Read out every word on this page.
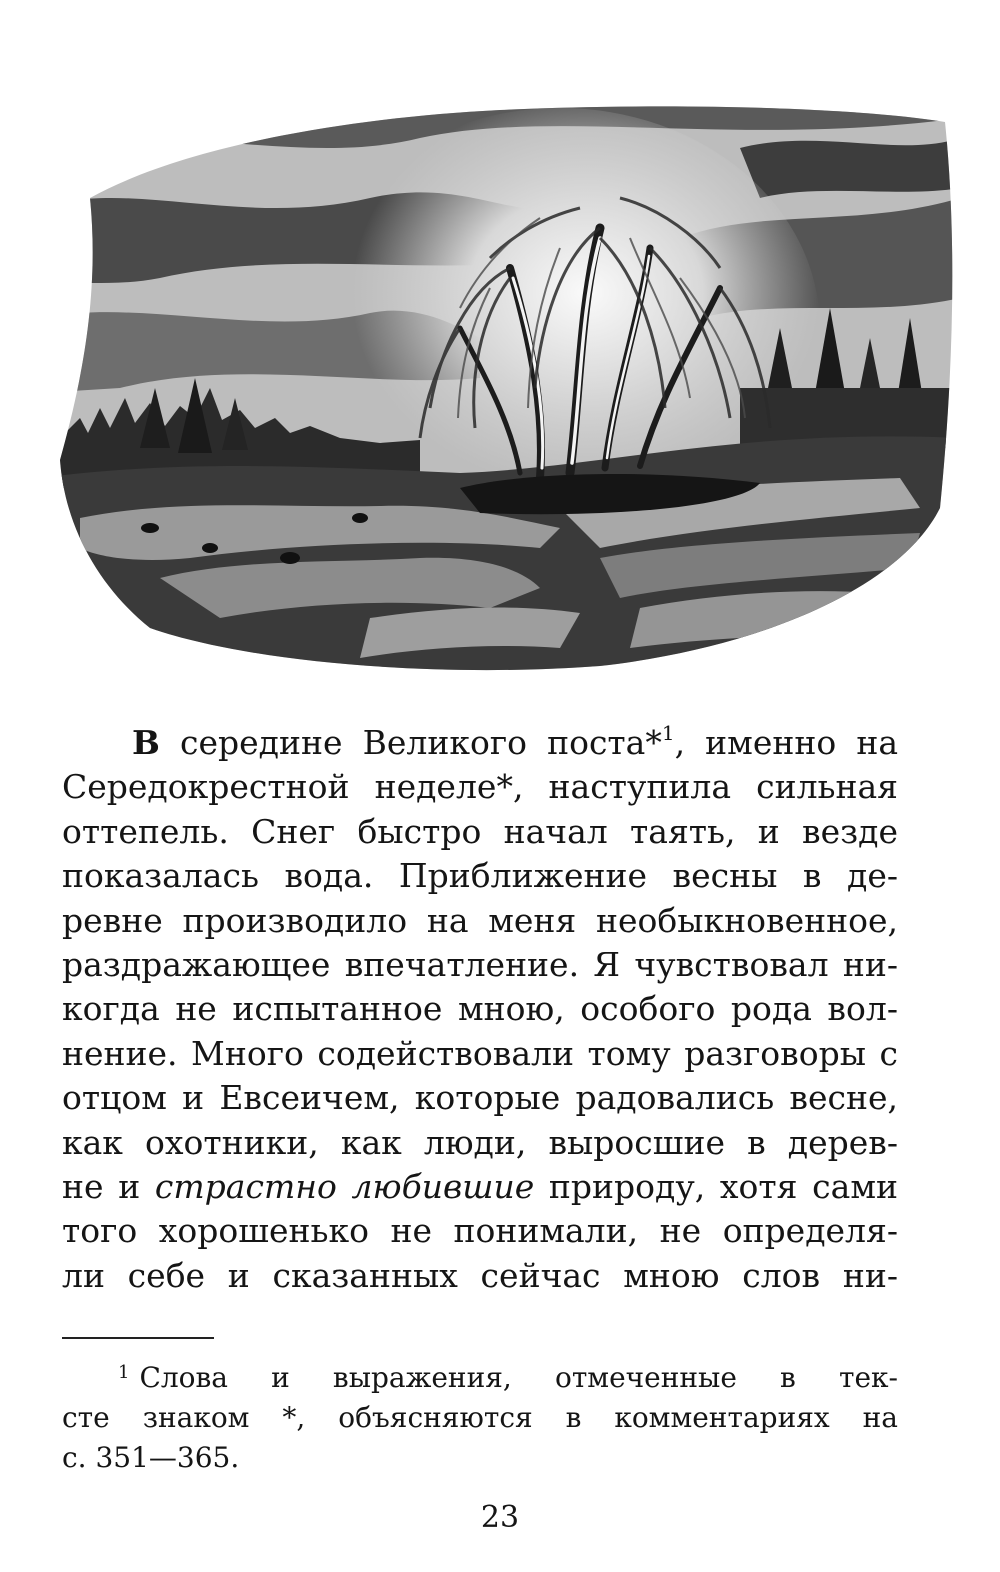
В середине Великого поста*$^1$, именно на
Середокрестной неделе*, наступила сильная
оттепель. Снег быстро начал таять, и везде
показалась вода. Приближение весны в де-
ревне производило на меня необыкновенное,
раздражающее впечатление. Я чувствовал ни-
когда не испытанное мною, особого рода вол-
нение. Много содействовали тому разговоры с
отцом и Евсеичем, которые радовались весне,
как охотники, как люди, выросшие в дерев-
не и страстно любившие природу, хотя сами
того хорошенько не понимали, не определя-
ли себе и сказанных сейчас мною слов ни-
$^1$ Слова и выражения, отмеченные в тек-
сте знаком *, объясняются в комментариях на
с. 351—365.
23
